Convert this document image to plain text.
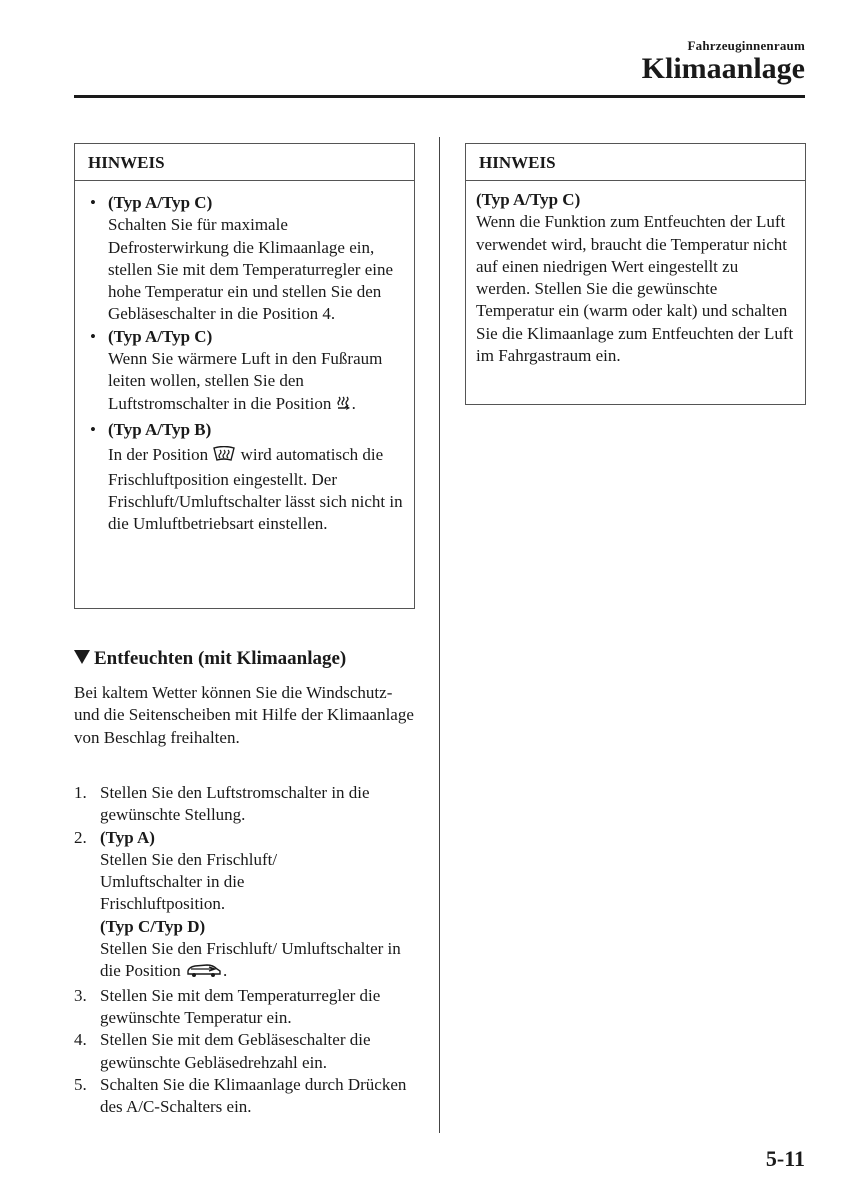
Fahrzeuginnenraum
Klimaanlage
HINWEIS
• (Typ A/Typ C)
Schalten Sie für maximale Defrosterwirkung die Klimaanlage ein, stellen Sie mit dem Temperaturregler eine hohe Temperatur ein und stellen Sie den Gebläseschalter in die Position 4.
• (Typ A/Typ C)
Wenn Sie wärmere Luft in den Fußraum leiten wollen, stellen Sie den Luftstromschalter in die Position .
• (Typ A/Typ B)
In der Position wird automatisch die Frischluftposition eingestellt. Der Frischluft/Umluftschalter lässt sich nicht in die Umluftbetriebsart einstellen.
HINWEIS
(Typ A/Typ C)
Wenn die Funktion zum Entfeuchten der Luft verwendet wird, braucht die Temperatur nicht auf einen niedrigen Wert eingestellt zu werden. Stellen Sie die gewünschte Temperatur ein (warm oder kalt) und schalten Sie die Klimaanlage zum Entfeuchten der Luft im Fahrgastraum ein.
Entfeuchten (mit Klimaanlage)
Bei kaltem Wetter können Sie die Windschutz- und die Seitenscheiben mit Hilfe der Klimaanlage von Beschlag freihalten.
1. Stellen Sie den Luftstromschalter in die gewünschte Stellung.
2. (Typ A)
Stellen Sie den Frischluft/ Umluftschalter in die Frischluftposition.
(Typ C/Typ D)
Stellen Sie den Frischluft/ Umluftschalter in die Position .
3. Stellen Sie mit dem Temperaturregler die gewünschte Temperatur ein.
4. Stellen Sie mit dem Gebläseschalter die gewünschte Gebläsedrehzahl ein.
5. Schalten Sie die Klimaanlage durch Drücken des A/C-Schalters ein.
5-11
